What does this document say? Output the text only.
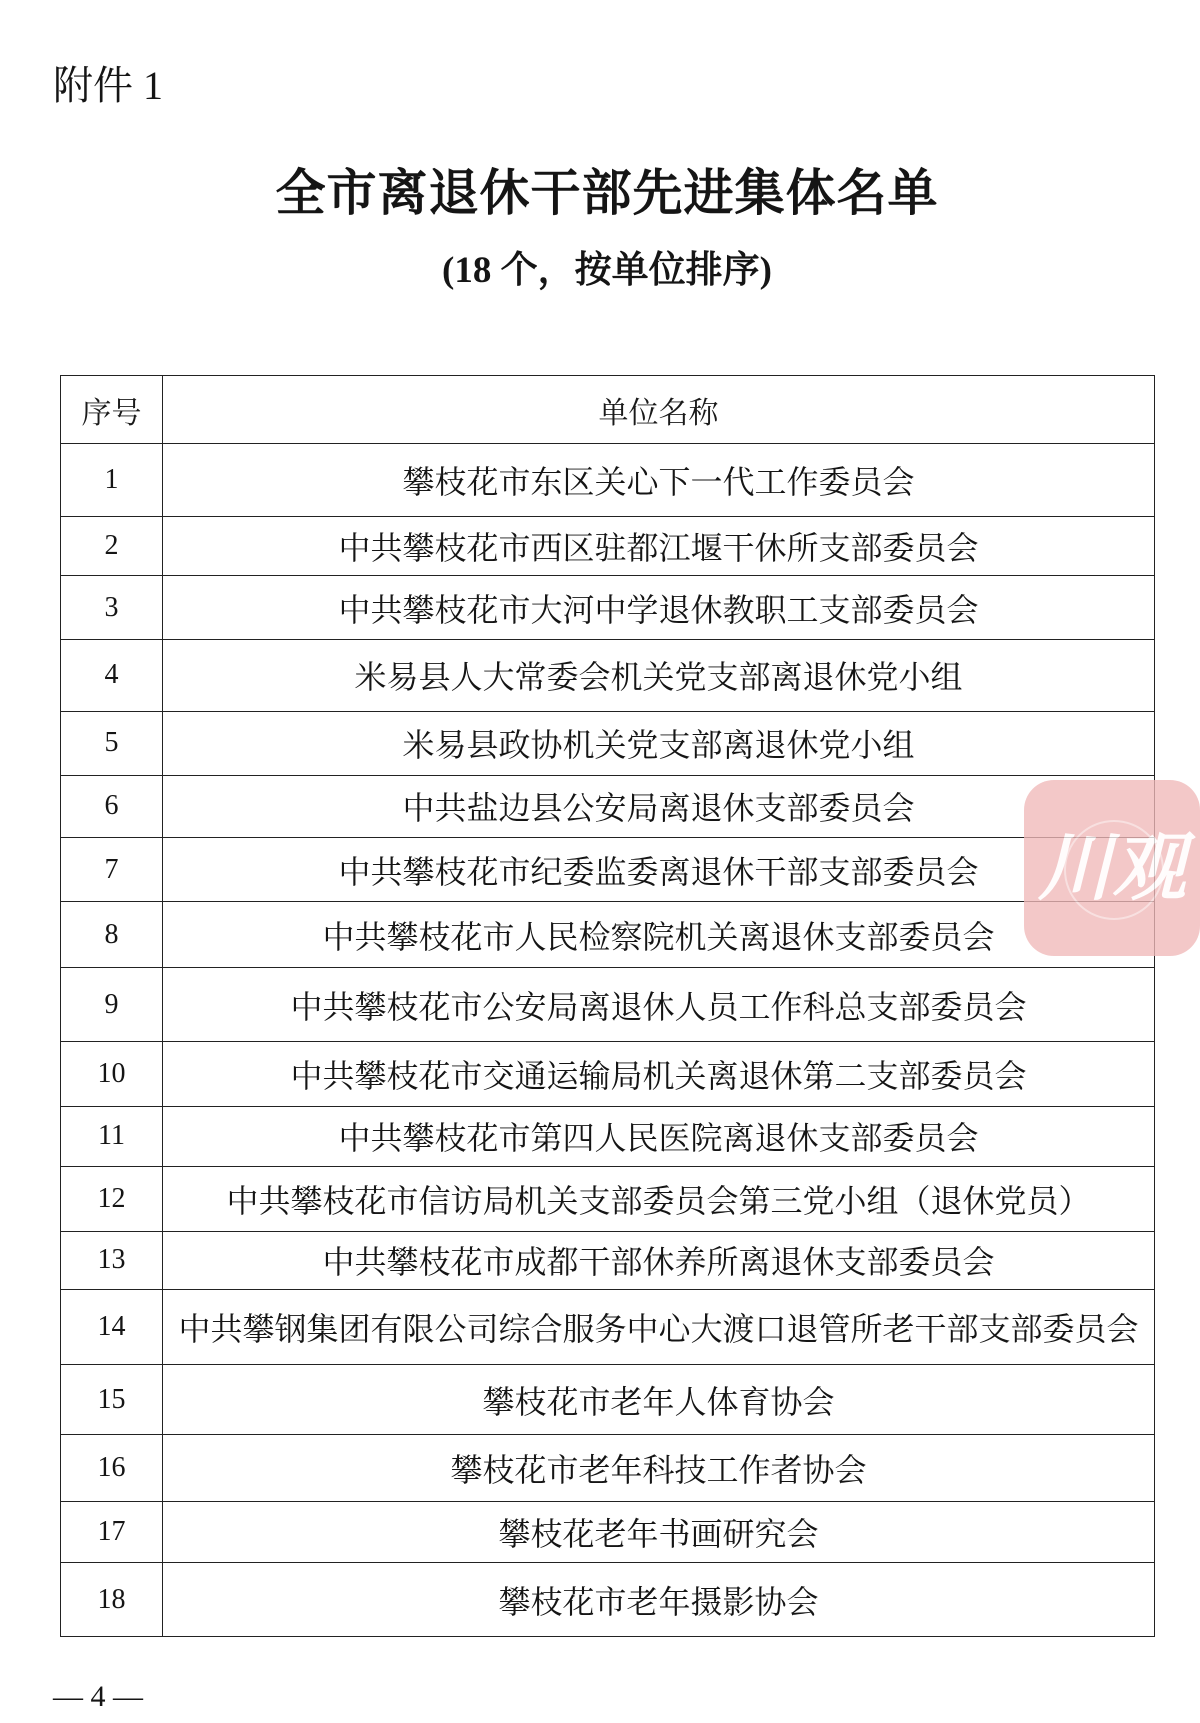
附件 1
全市离退休干部先进集体名单
(18 个，按单位排序)
序号	单位名称
1	攀枝花市东区关心下一代工作委员会
2	中共攀枝花市西区驻都江堰干休所支部委员会
3	中共攀枝花市大河中学退休教职工支部委员会
4	米易县人大常委会机关党支部离退休党小组
5	米易县政协机关党支部离退休党小组
6	中共盐边县公安局离退休支部委员会
7	中共攀枝花市纪委监委离退休干部支部委员会
8	中共攀枝花市人民检察院机关离退休支部委员会
9	中共攀枝花市公安局离退休人员工作科总支部委员会
10	中共攀枝花市交通运输局机关离退休第二支部委员会
11	中共攀枝花市第四人民医院离退休支部委员会
12	中共攀枝花市信访局机关支部委员会第三党小组（退休党员）
13	中共攀枝花市成都干部休养所离退休支部委员会
14	中共攀钢集团有限公司综合服务中心大渡口退管所老干部支部委员会
15	攀枝花市老年人体育协会
16	攀枝花市老年科技工作者协会
17	攀枝花老年书画研究会
18	攀枝花市老年摄影协会
— 4 —
川观
